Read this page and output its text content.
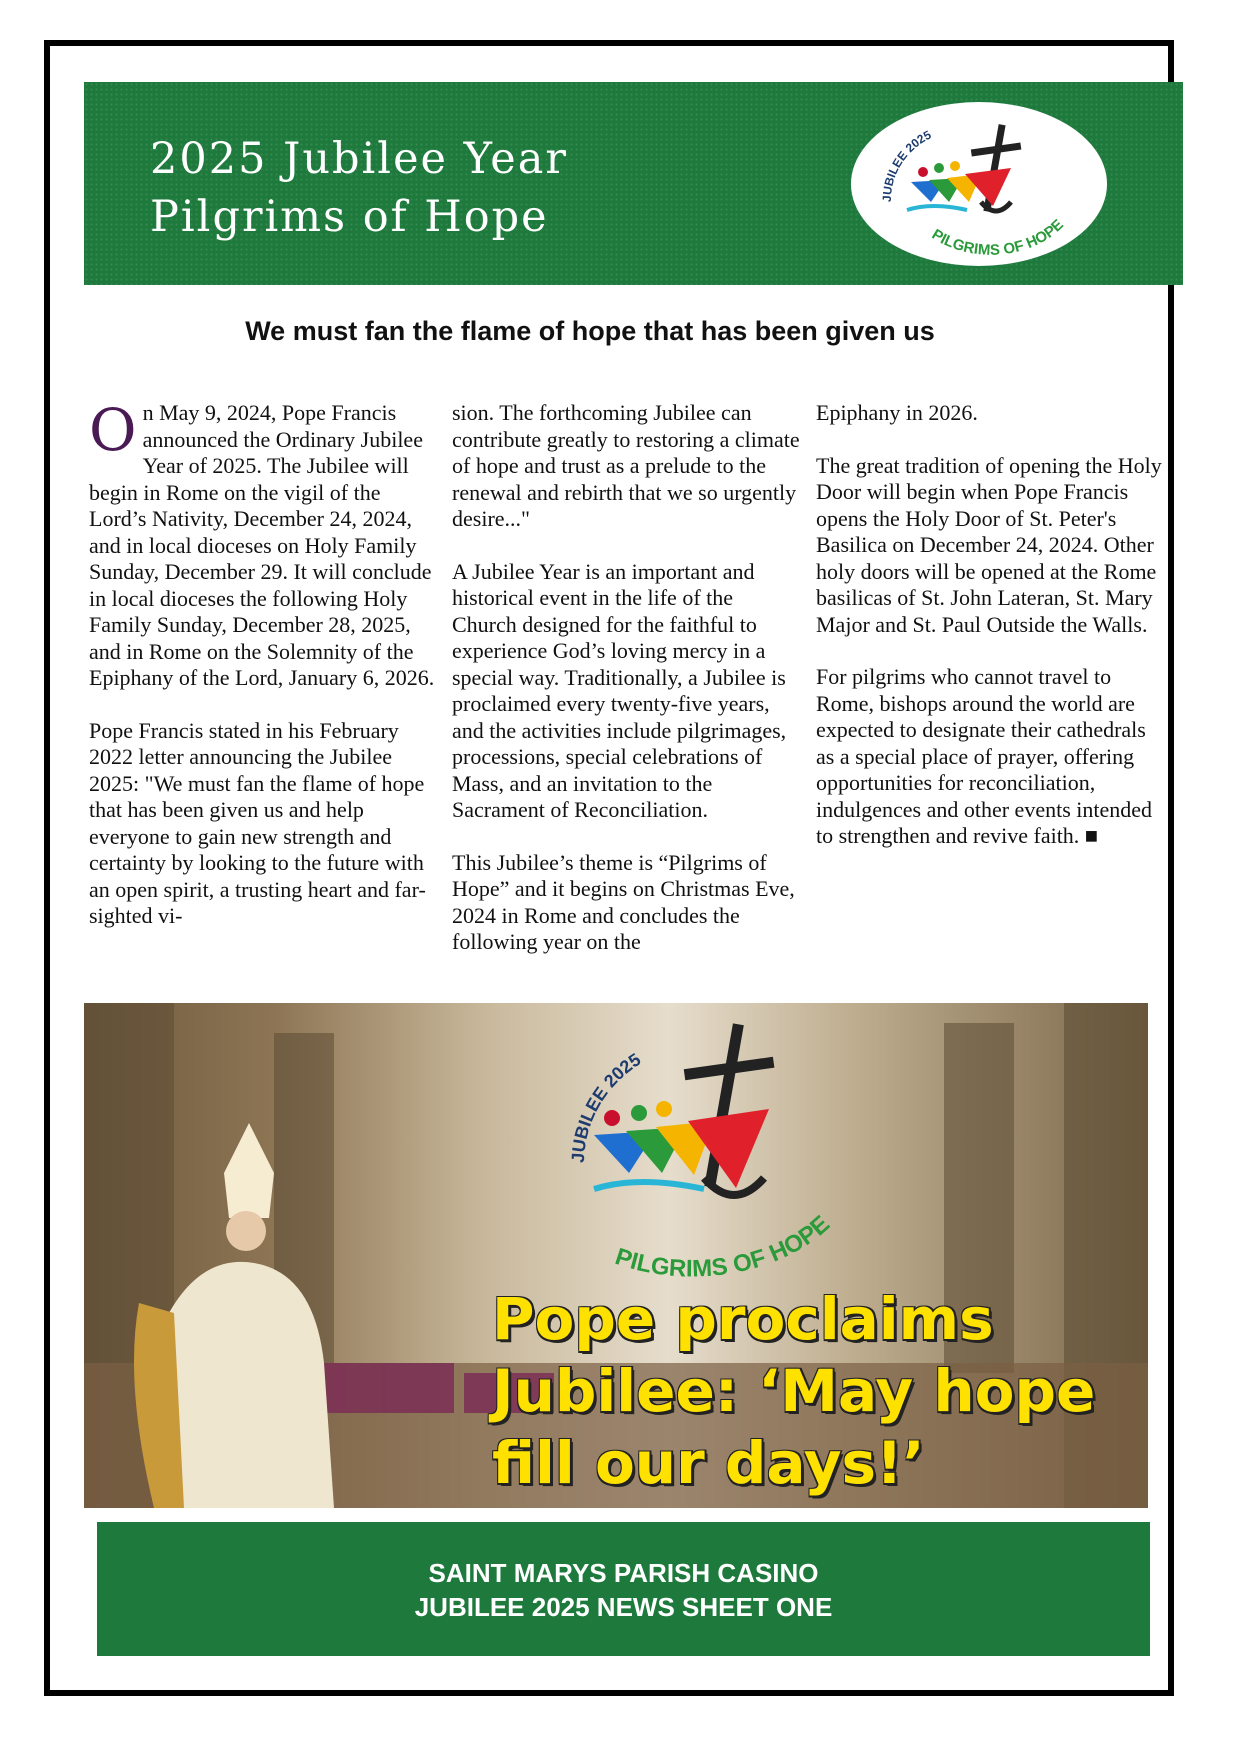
2025 Jubilee Year
Pilgrims of Hope	JUBILEE 2025
PILGRIMS OF HOPE
We must fan the flame of hope that has been given us

On May 9, 2024, Pope Francis announced the Ordinary Jubilee Year of 2025. The Jubilee will begin in Rome on the vigil of the Lord’s Nativity, December 24, 2024, and in local dioceses on Holy Family Sunday, December 29. It will conclude in local dioceses the following Holy Family Sunday, December 28, 2025, and in Rome on the Solemnity of the Epiphany of the Lord, January 6, 2026.

Pope Francis stated in his February 2022 letter announcing the Jubilee 2025: "We must fan the flame of hope that has been given us and help everyone to gain new strength and certainty by looking to the future with an open spirit, a trusting heart and far-sighted vi-

sion. The forthcoming Jubilee can contribute greatly to restoring a climate of hope and trust as a prelude to the renewal and rebirth that we so urgently desire..."

A Jubilee Year is an important and historical event in the life of the Church designed for the faithful to experience God’s loving mercy in a special way. Traditionally, a Jubilee is proclaimed every twenty-five years, and the activities include pilgrimages, processions, special celebrations of Mass, and an invitation to the Sacrament of Reconciliation.

This Jubilee’s theme is “Pilgrims of Hope” and it begins on Christmas Eve, 2024 in Rome and concludes the following year on the

Epiphany in 2026.

The great tradition of opening the Holy Door will begin when Pope Francis opens the Holy Door of St. Peter's Basilica on December 24, 2024. Other holy doors will be opened at the Rome basilicas of St. John Lateran, St. Mary Major and St. Paul Outside the Walls.

For pilgrims who cannot travel to Rome, bishops around the world are expected to designate their cathedrals as a special place of prayer, offering opportunities for reconciliation, indulgences and other events intended to strengthen and revive faith. ■

JUBILEE 2025
PILGRIMS OF HOPE

Pope proclaims
Jubilee: ‘May hope
fill our days!’

SAINT MARYS PARISH CASINO
JUBILEE 2025 NEWS SHEET ONE
